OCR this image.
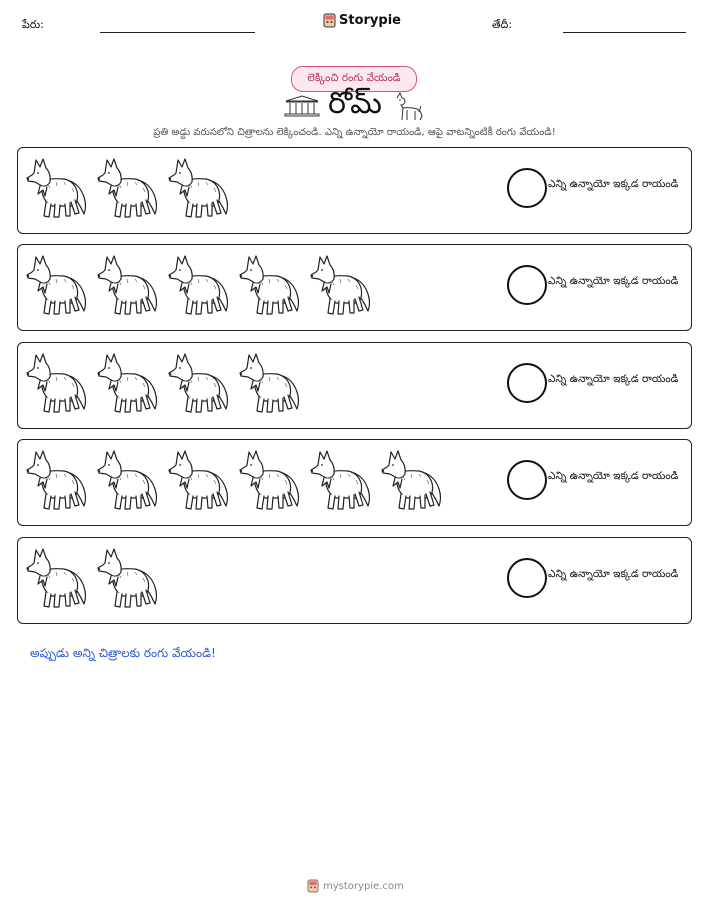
పేరు:	Storypie	తేదీ:
లెక్కించి రంగు వేయండి
రోమ్
ప్రతి అడ్డు వరుసలోని చిత్రాలను లెక్కించండి. ఎన్ని ఉన్నాయో రాయండి, ఆపై వాటన్నింటికీ రంగు వేయండి!
ఎన్ని ఉన్నాయో ఇక్కడ రాయండి
ఎన్ని ఉన్నాయో ఇక్కడ రాయండి
ఎన్ని ఉన్నాయో ఇక్కడ రాయండి
ఎన్ని ఉన్నాయో ఇక్కడ రాయండి
ఎన్ని ఉన్నాయో ఇక్కడ రాయండి
అప్పుడు అన్ని చిత్రాలకు రంగు వేయండి!
mystorypie.com
